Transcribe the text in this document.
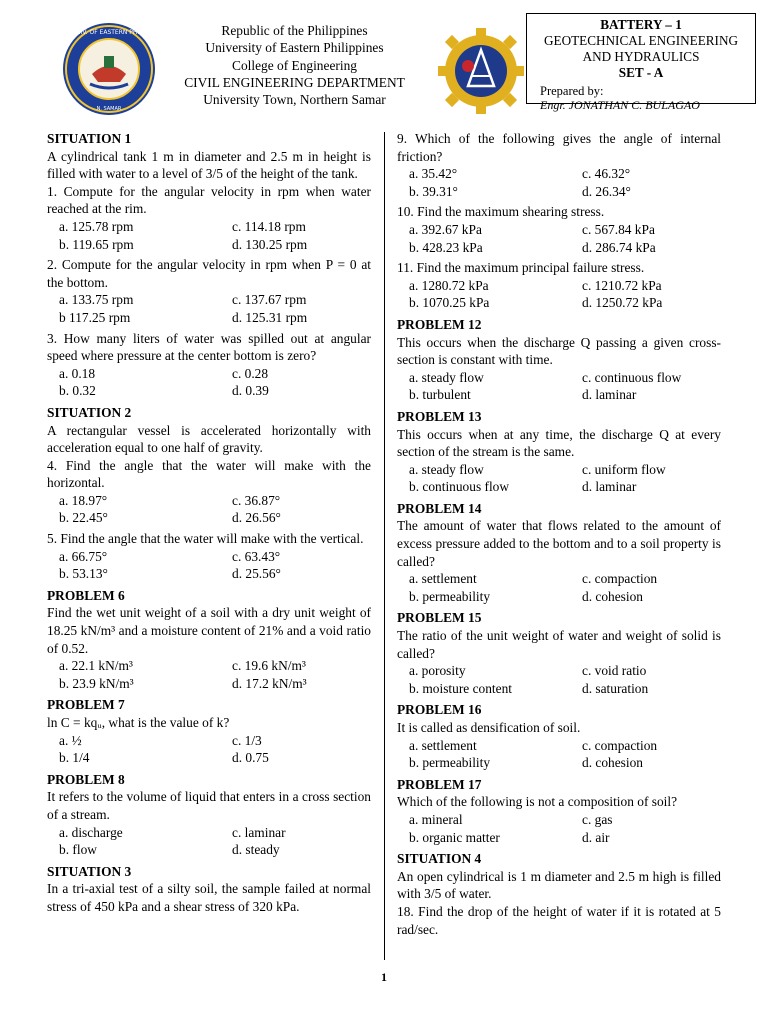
UNIV. OF EASTERN PHILS
N. SAMAR
Republic of the Philippines
University of Eastern Philippines
College of Engineering
CIVIL ENGINEERING DEPARTMENT
University Town, Northern Samar
BATTERY – 1
GEOTECHNICAL ENGINEERING
AND HYDRAULICS
SET - A
Prepared by:
Engr. JONATHAN C. BULAGAO
SITUATION 1
A cylindrical tank 1 m in diameter and 2.5 m in height is filled with water to a level of 3/5 of the height of the tank.
1. Compute for the angular velocity in rpm when water reached at the rim.
a. 125.78 rpm	c. 114.18 rpm
b. 119.65 rpm	d. 130.25 rpm
2. Compute for the angular velocity in rpm when P = 0 at the bottom.
a. 133.75 rpm	c. 137.67 rpm
b 117.25 rpm	d. 125.31 rpm
3. How many liters of water was spilled out at angular speed where pressure at the center bottom is zero?
a. 0.18	c. 0.28
b. 0.32	d. 0.39
SITUATION 2
A rectangular vessel is accelerated horizontally with acceleration equal to one half of gravity.
4. Find the angle that the water will make with the horizontal.
a. 18.97°	c. 36.87°
b. 22.45°	d. 26.56°
5. Find the angle that the water will make with the vertical.
a. 66.75°	c. 63.43°
b. 53.13°	d. 25.56°
PROBLEM 6
Find the wet unit weight of a soil with a dry unit weight of 18.25 kN/m³ and a moisture content of 21% and a void ratio of 0.52.
a. 22.1 kN/m³	c. 19.6 kN/m³
b. 23.9 kN/m³	d. 17.2 kN/m³
PROBLEM 7
ln C = kqᵤ, what is the value of k?
a. ½	c. 1/3
b. 1/4	d. 0.75
PROBLEM 8
It refers to the volume of liquid that enters in a cross section of a stream.
a. discharge	c. laminar
b. flow	d. steady
SITUATION 3
In a tri-axial test of a silty soil, the sample failed at normal stress of 450 kPa and a shear stress of 320 kPa.
9. Which of the following gives the angle of internal friction?
a. 35.42°	c. 46.32°
b. 39.31°	d. 26.34°
10. Find the maximum shearing stress.
a. 392.67 kPa	c. 567.84 kPa
b. 428.23 kPa	d. 286.74 kPa
11. Find the maximum principal failure stress.
a. 1280.72 kPa	c. 1210.72 kPa
b. 1070.25 kPa	d. 1250.72 kPa
PROBLEM 12
This occurs when the discharge Q passing a given cross-section is constant with time.
a. steady flow	c. continuous flow
b. turbulent	d. laminar
PROBLEM 13
This occurs when at any time, the discharge Q at every section of the stream is the same.
a. steady flow	c. uniform flow
b. continuous flow	d. laminar
PROBLEM 14
The amount of water that flows related to the amount of excess pressure added to the bottom and to a soil property is called?
a. settlement	c. compaction
b. permeability	d. cohesion
PROBLEM 15
The ratio of the unit weight of water and weight of solid is called?
a. porosity	c. void ratio
b. moisture content	d. saturation
PROBLEM 16
It is called as densification of soil.
a. settlement	c. compaction
b. permeability	d. cohesion
PROBLEM 17
Which of the following is not a composition of soil?
a. mineral	c. gas
b. organic matter	d. air
SITUATION 4
An open cylindrical is 1 m diameter and 2.5 m high is filled with 3/5 of water.
18. Find the drop of the height of water if it is rotated at 5 rad/sec.
1
